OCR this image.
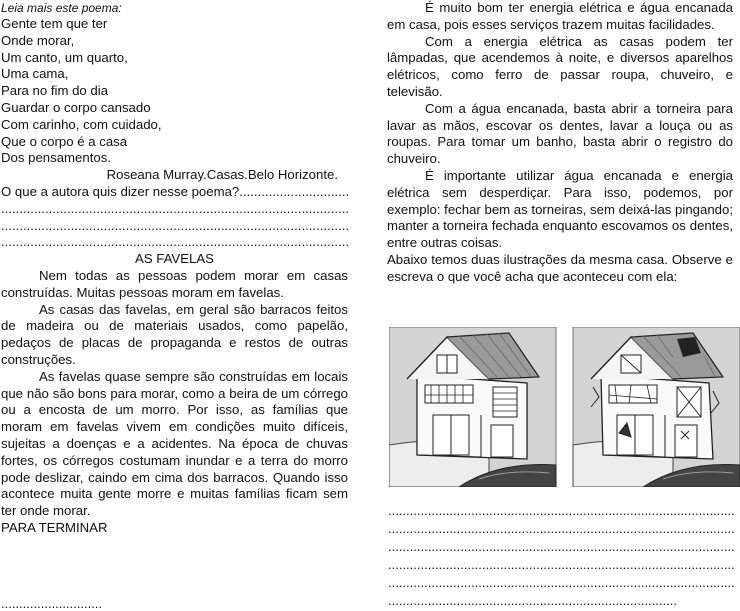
Leia mais este poema:

Gente tem que ter

Onde morar,

Um canto, um quarto,

Uma cama,

Para no fim do dia

Guardar o corpo cansado

Com carinho, com cuidado,

Que o corpo é a casa

Dos pensamentos.

Roseana Murray.Casas.Belo Horizonte.

O que a autora quis dizer nesse poema? .....

.....

.....

.....

AS FAVELAS

Nem todas as pessoas podem morar em casas construídas. Muitas pessoas moram em favelas.

As casas das favelas, em geral são barracos feitos de madeira ou de materiais usados, como papelão, pedaços de placas de propaganda e restos de outras construções.

As favelas quase sempre são construídas em locais que não são bons para morar, como a beira de um córrego ou a encosta de um morro. Por isso, as famílias que moram em favelas vivem em condições muito difíceis, sujeitas a doenças e a acidentes. Na época de chuvas fortes, os córregos costumam inundar e a terra do morro pode deslizar, caindo em cima dos barracos. Quando isso acontece muita gente morre e muitas famílias ficam sem ter onde morar.

PARA TERMINAR

.....

É muito bom ter energia elétrica e água encanada em casa, pois esses serviços trazem muitas facilidades.

Com a energia elétrica as casas podem ter lâmpadas, que acendemos à noite, e diversos aparelhos elétricos, como ferro de passar roupa, chuveiro, e televisão.

Com a água encanada, basta abrir a torneira para lavar as mãos, escovar os dentes, lavar a louça ou as roupas. Para tomar um banho, basta abrir o registro do chuveiro.

É importante utilizar água encanada e energia elétrica sem desperdiçar. Para isso, podemos, por exemplo: fechar bem as torneiras, sem deixá-las pingando; manter a torneira fechada enquanto escovamos os dentes, entre outras coisas.

Abaixo temos duas ilustrações da mesma casa. Observe e escreva o que você acha que aconteceu com ela:

.....
.....
.....
.....
.....
.....
